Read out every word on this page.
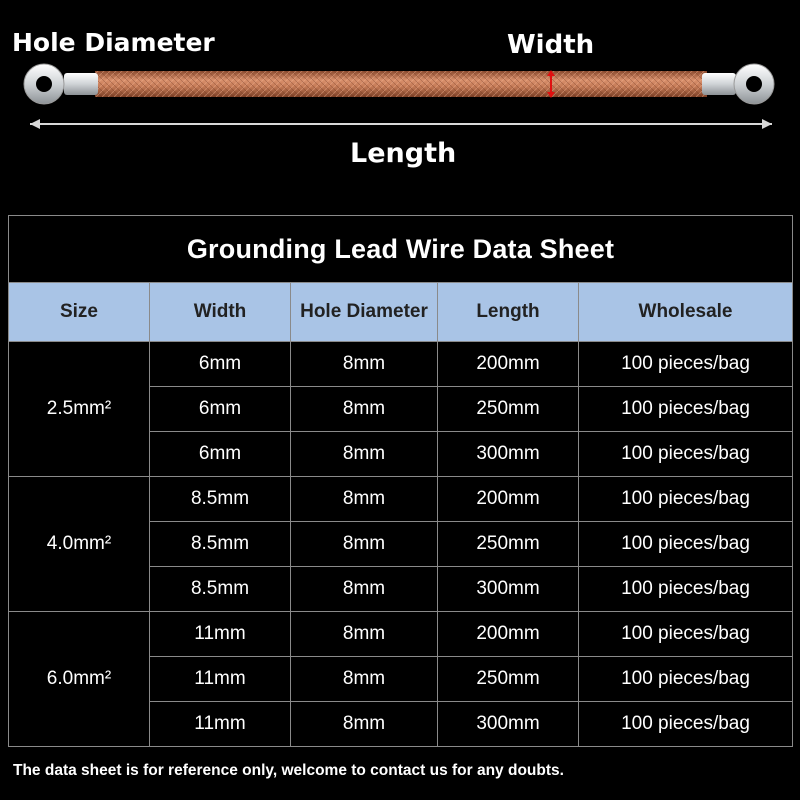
Hole Diameter	Width
Length
Grounding Lead Wire Data Sheet				
Size	Width	Hole Diameter	Length	Wholesale
2.5mm²	6mm	8mm	200mm	100 pieces/bag
	6mm	8mm	250mm	100 pieces/bag
	6mm	8mm	300mm	100 pieces/bag
4.0mm²	8.5mm	8mm	200mm	100 pieces/bag
	8.5mm	8mm	250mm	100 pieces/bag
	8.5mm	8mm	300mm	100 pieces/bag
6.0mm²	11mm	8mm	200mm	100 pieces/bag
	11mm	8mm	250mm	100 pieces/bag
	11mm	8mm	300mm	100 pieces/bag

The data sheet is for reference only, welcome to contact us for any doubts.
